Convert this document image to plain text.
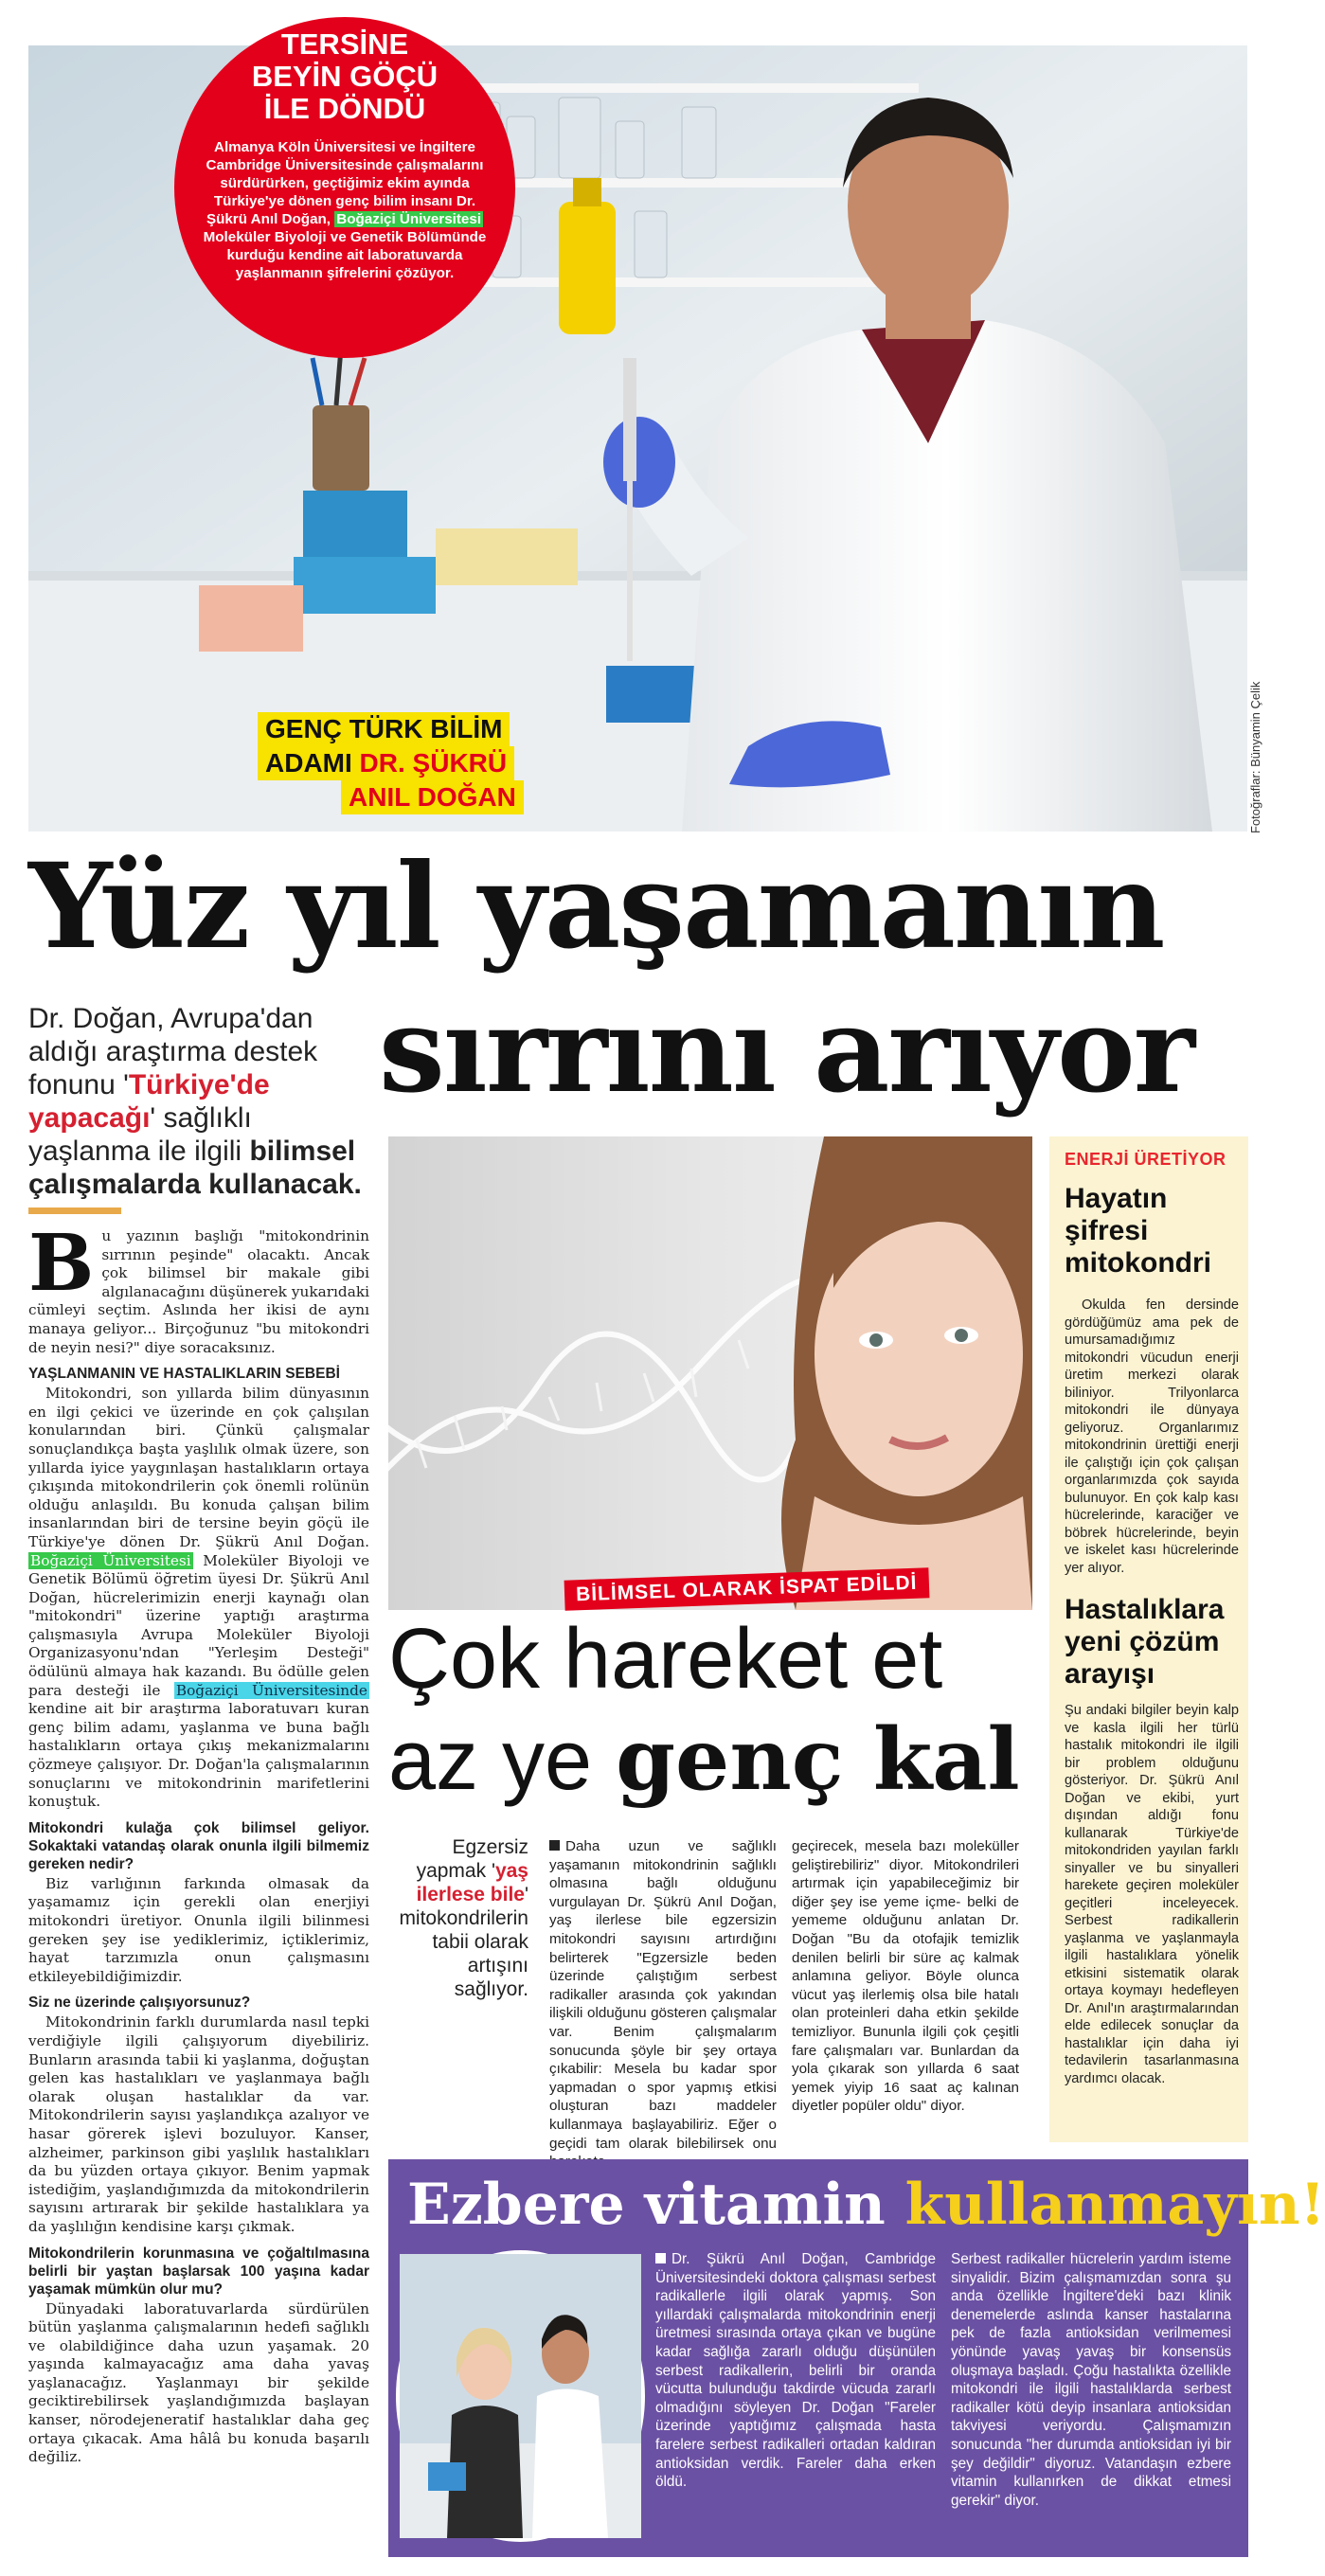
TERSİNE
BEYİN GÖÇÜ
İLE DÖNDÜ

Almanya Köln Üniversitesi ve İngiltere Cambridge Üniversitesinde çalışmalarını sürdürürken, geçtiğimiz ekim ayında Türkiye'ye dönen genç bilim insanı Dr. Şükrü Anıl Doğan, Boğaziçi Üniversitesi Moleküler Biyoloji ve Genetik Bölümünde kurduğu kendine ait laboratuvarda yaşlanmanın şifrelerini çözüyor.

GENÇ TÜRK BİLİM
ADAMI DR. ŞÜKRÜ
ANIL DOĞAN	Fotoğraflar: Bünyamin Çelik
Yüz yıl yaşamanın
sırrını arıyor
Dr. Doğan, Avrupa'dan aldığı araştırma destek fonunu 'Türkiye'de yapacağı' sağlıklı yaşlanma ile ilgili bilimsel çalışmalarda kullanacak.

Bu yazının başlığı "mitokondrinin sırrının peşinde" olacaktı. Ancak çok bilimsel bir makale gibi algılanacağını düşünerek yukarıdaki cümleyi seçtim. Aslında her ikisi de aynı manaya geliyor... Birçoğunuz "bu mitokondri de neyin nesi?" diye soracaksınız.

YAŞLANMANIN VE HASTALIKLARIN SEBEBİ

Mitokondri, son yıllarda bilim dünyasının en ilgi çekici ve üzerinde en çok çalışılan konularından biri. Çünkü çalışmalar sonuçlandıkça başta yaşlılık olmak üzere, son yıllarda iyice yaygınlaşan hastalıkların ortaya çıkışında mitokondrilerin çok önemli rolünün olduğu anlaşıldı. Bu konuda çalışan bilim insanlarından biri de tersine beyin göçü ile Türkiye'ye dönen Dr. Şükrü Anıl Doğan. Boğaziçi Üniversitesi Moleküler Biyoloji ve Genetik Bölümü öğretim üyesi Dr. Şükrü Anıl Doğan, hücrelerimizin enerji kaynağı olan "mitokondri" üzerine yaptığı araştırma çalışmasıyla Avrupa Moleküler Biyoloji Organizasyonu'ndan "Yerleşim Desteği" ödülünü almaya hak kazandı. Bu ödülle gelen para desteği ile Boğaziçi Üniversitesinde kendine ait bir araştırma laboratuvarı kuran genç bilim adamı, yaşlanma ve buna bağlı hastalıkların ortaya çıkış mekanizmalarını çözmeye çalışıyor. Dr. Doğan'la çalışmalarının sonuçlarını ve mitokondrinin marifetlerini konuştuk.

Mitokondri kulağa çok bilimsel geliyor. Sokaktaki vatandaş olarak onunla ilgili bilmemiz gereken nedir?

Biz varlığının farkında olmasak da yaşamamız için gerekli olan enerjiyi mitokondri üretiyor. Onunla ilgili bilinmesi gereken şey ise yediklerimiz, içtiklerimiz, hayat tarzımızla onun çalışmasını etkileyebildiğimizdir.

Siz ne üzerinde çalışıyorsunuz?

Mitokondrinin farklı durumlarda nasıl tepki verdiğiyle ilgili çalışıyorum diyebiliriz. Bunların arasında tabii ki yaşlanma, doğuştan gelen kas hastalıkları ve yaşlanmaya bağlı olarak oluşan hastalıklar da var. Mitokondrilerin sayısı yaşlandıkça azalıyor ve hasar görerek işlevi bozuluyor. Kanser, alzheimer, parkinson gibi yaşlılık hastalıkları da bu yüzden ortaya çıkıyor. Benim yapmak istediğim, yaşlandığımızda da mitokondrilerin sayısını artırarak bir şekilde hastalıklara ya da yaşlılığın kendisine karşı çıkmak.

Mitokondrilerin korunmasına ve çoğaltılmasına belirli bir yaştan başlarsak 100 yaşına kadar yaşamak mümkün olur mu?

Dünyadaki laboratuvarlarda sürdürülen bütün yaşlanma çalışmalarının hedefi sağlıklı ve olabildiğince daha uzun yaşamak. 20 yaşında kalmayacağız ama daha yavaş yaşlanacağız. Yaşlanmayı bir şekilde geciktirebilirsek yaşlandığımızda başlayan kanser, nörodejeneratif hastalıklar daha geç ortaya çıkacak. Ama hâlâ bu konuda başarılı değiliz.

BİLİMSEL OLARAK İSPAT EDİLDİ
Çok hareket et
az ye genç kal
Egzersiz yapmak 'yaş ilerlese bile' mitokondrilerin tabii olarak artışını sağlıyor.
Daha uzun ve sağlıklı yaşamanın mitokondrinin sağlıklı olmasına bağlı olduğunu vurgulayan Dr. Şükrü Anıl Doğan, yaş ilerlese bile egzersizin mitokondri sayısını artırdığını belirterek "Egzersizle beden üzerinde çalıştığım serbest radikaller arasında çok yakından ilişkili olduğunu gösteren çalışmalar var. Benim çalışmalarım sonucunda şöyle bir şey ortaya çıkabilir: Mesela bu kadar spor yapmadan o spor yapmış etkisi oluşturan bazı maddeler kullanmaya başlayabiliriz. Eğer o geçidi tam olarak bilebilirsek onu
geçirecek, mesela bazı moleküller geliştirebiliriz" diyor. Mitokondrileri artırmak için yapabileceğimiz bir diğer şey ise yeme içme- belki de yememe olduğunu anlatan Dr. Doğan "Bu da otofajik temizlik denilen belirli bir süre aç kalmak anlamına geliyor. Böyle olunca vücut yaş ilerlemiş olsa bile hatalı olan proteinleri daha etkin şekilde temizliyor. Bununla ilgili çok çeşitli fare çalışmaları var. Bunlardan da yola çıkarak son yıllarda 6 saat yemek yiyip 16 saat aç kalınan diyetler popüler oldu" diyor.
ENERJİ ÜRETİYOR
Hayatın
şifresi
mitokondri
Okulda fen dersinde gördüğümüz ama pek de umursamadığımız mitokondri vücudun enerji üretim merkezi olarak biliniyor. Trilyonlarca mitokondri ile dünyaya geliyoruz. Organlarımız mitokondrinin ürettiği enerji ile çalıştığı için çok çalışan organlarımızda çok sayıda bulunuyor. En çok kalp kası hücrelerinde, karaciğer ve böbrek hücrelerinde, beyin ve iskelet kası hücrelerinde yer alıyor.
Hastalıklara
yeni çözüm
arayışı
Şu andaki bilgiler beyin kalp ve kasla ilgili her türlü hastalık mitokondri ile ilgili bir problem olduğunu gösteriyor. Dr. Şükrü Anıl Doğan ve ekibi, yurt dışından aldığı fonu kullanarak Türkiye'de mitokondriden yayılan farklı sinyaller ve bu sinyalleri harekete geçiren moleküler geçitleri inceleyecek. Serbest radikallerin yaşlanma ve yaşlanmayla ilgili hastalıklara yönelik etkisini sistematik olarak ortaya koymayı hedefleyen Dr. Anıl'ın araştırmalarından elde edilecek sonuçlar da hastalıklar için daha iyi tedavilerin tasarlanmasına yardımcı olacak.
Ezbere vitamin kullanmayın!
Dr. Şükrü Anıl Doğan, Cambridge Üniversitesindeki doktora çalışması serbest radikallerle ilgili olarak yapmış. Son yıllardaki çalışmalarda mitokondrinin enerji üretmesi sırasında ortaya çıkan ve bugüne kadar sağlığa zararlı olduğu düşünülen serbest radikallerin, belirli bir oranda vücutta bulunduğu takdirde vücuda zararlı olmadığını söyleyen Dr. Doğan "Fareler üzerinde yaptığımız çalışmada hasta farelere serbest radikalleri ortadan kaldıran antioksidan verdik. Fareler daha erken öldü.
Serbest radikaller hücrelerin yardım isteme sinyalidir. Bizim çalışmamızdan sonra şu anda özellikle İngiltere'deki bazı klinik denemelerde aslında kanser hastalarına pek de fazla antioksidan verilmemesi yönünde yavaş yavaş bir konsensüs oluşmaya başladı. Çoğu hastalıkta özellikle mitokondri ile ilgili hastalıklarda serbest radikaller kötü deyip insanlara antioksidan takviyesi veriyordu. Çalışmamızın sonucunda "her durumda antioksidan iyi bir şey değildir" diyoruz. Vatandaşın ezbere vitamin kullanırken de dikkat etmesi gerekir" diyor.
